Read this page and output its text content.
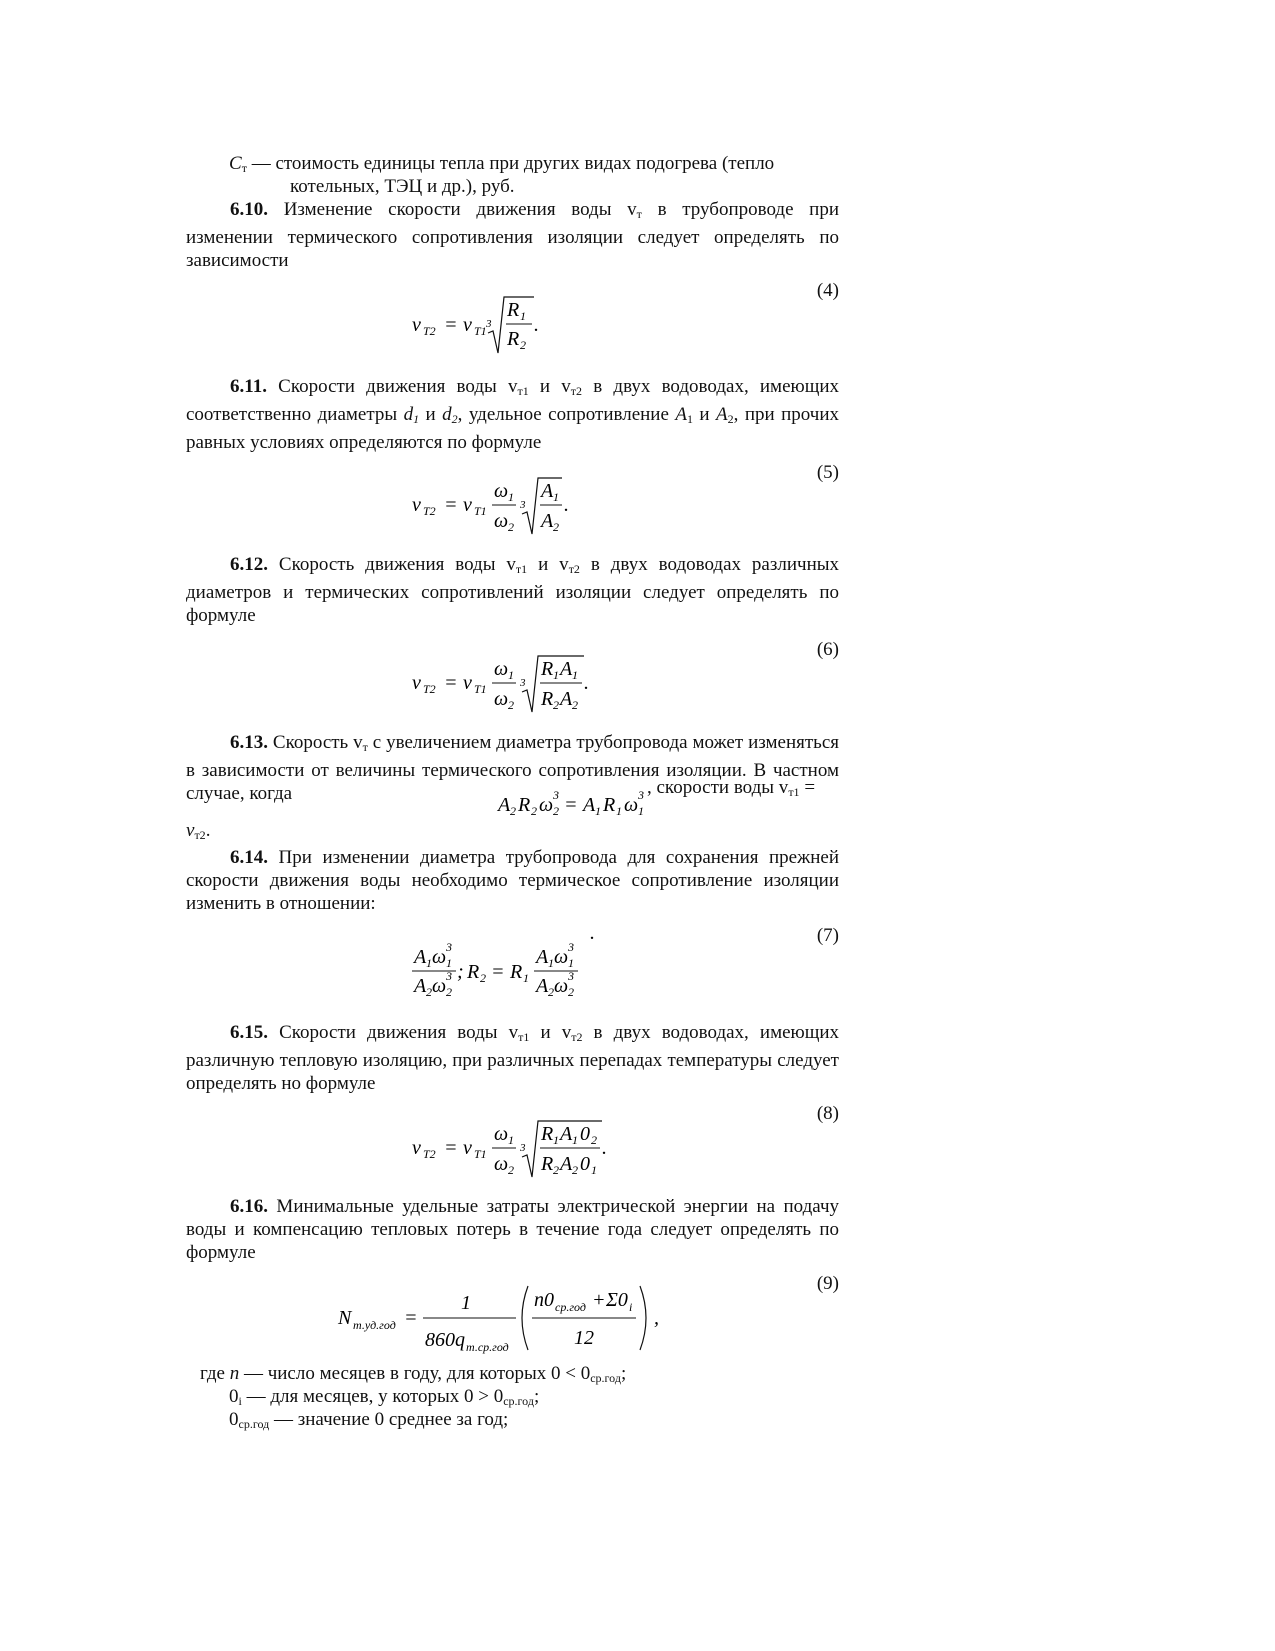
$C_т$ — стоимость единицы тепла при других видах подогрева (тепло
котельных, ТЭЦ и др.), руб.
6.10. Изменение скорости движения воды $v_т$ в трубопроводе при изменении термического сопротивления изоляции следует определять по зависимости
(4)
v T2 = v T1 3
R 1
R 2
.
6.11. Скорости движения воды $v_{т1}$ и $v_{т2}$ в двух водоводах, имеющих соответственно диаметры $d_1$ и $d_2$, удельное сопротивление $A_1$ и $A_2$, при прочих равных условиях определяются по формуле
(5)
v T2 = v T1
ω 1
ω 2
3
A 1
A 2
.
6.12. Скорость движения воды $v_{т1}$ и $v_{т2}$ в двух водоводах различных диаметров и термических сопротивлений изоляции следует определять по формуле
(6)
v T2 = v T1
ω 1
ω 2
3
R 1 A 1
R 2 A 2
.
6.13. Скорость $v_т$ с увеличением диаметра трубопровода может изменяться в зависимости от величины термического сопротивления изоляции. В частном случае, когда	, скорости воды $v_{т1}$ =
A 2 R 2 ω 2
3 = A 1 R 1 ω 1
3
$v_{т2}$.
6.14. При изменении диаметра трубопровода для сохранения прежней скорости движения воды необходимо термическое сопротивление изоляции изменить в отношении:
(7)
.
A 1 ω 1
3
A 2 ω 2
3 ; R 2 = R 1
A 1 ω 1
3
A 2 ω 2
3
6.15. Скорости движения воды $v_{т1}$ и $v_{т2}$ в двух водоводах, имеющих различную тепловую изоляцию, при различных перепадах температуры следует определять но формуле
(8)
v T2 = v T1
ω 1
ω 2
3
R 1 A 1 0 2
R 2 A 2 0 1
.
6.16. Минимальные удельные затраты электрической энергии на подачу воды и компенсацию тепловых потерь в течение года следует определять по формуле
(9)
N т.уд.год =
1
860 q т.ср.год
n 0 ср.год + Σ0 i
12
,
где n — число месяцев в году, для которых $0 < 0_{ср.год}$;
$0_i$ — для месяцев, у которых $0 > 0_{ср.год}$;
$0_{ср.год}$ — значение 0 среднее за год;
